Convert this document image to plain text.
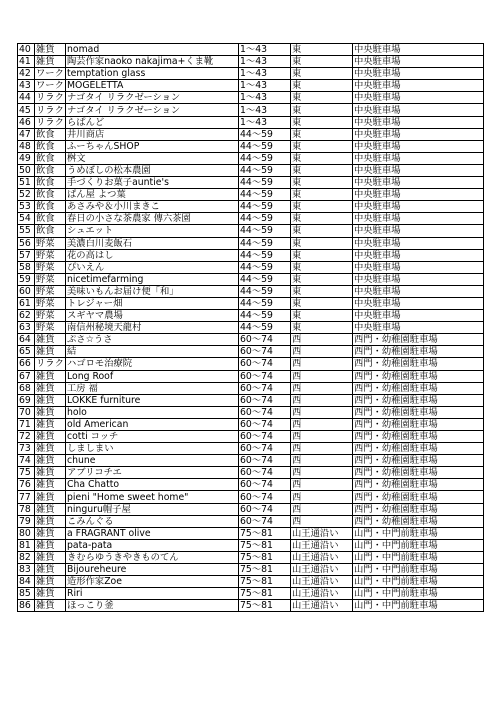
40	雑貨	nomad	1～43	東	中央駐車場
41	雑貨	陶芸作家naoko nakajima+くま靴	1～43	東	中央駐車場
42	ワーク	temptation glass	1～43	東	中央駐車場
43	ワーク	MOGELETTA	1～43	東	中央駐車場
44	リラク	ナゴタイ リラクゼーション	1～43	東	中央駐車場
45	リラク	ナゴタイ リラクゼーション	1～43	東	中央駐車場
46	リラク	らぱんど	1～43	東	中央駐車場
47	飲食	井川商店	44～59	東	中央駐車場
48	飲食	ふーちゃんSHOP	44～59	東	中央駐車場
49	飲食	桝文	44～59	東	中央駐車場
50	飲食	うめぼしの松本農園	44～59	東	中央駐車場
51	飲食	手づくりお菓子auntie's	44～59	東	中央駐車場
52	飲食	ぱん屋 よつ葉	44～59	東	中央駐車場
53	飲食	あさみや＆小川まきこ	44～59	東	中央駐車場
54	飲食	春日の小さな茶農家 傳六茶園	44～59	東	中央駐車場
55	飲食	シュエット	44～59	東	中央駐車場
56	野菜	美濃白川麦飯石	44～59	東	中央駐車場
57	野菜	花の高はし	44～59	東	中央駐車場
58	野菜	ぴいえん	44～59	東	中央駐車場
59	野菜	nicetimefarming	44～59	東	中央駐車場
60	野菜	美味いもんお届け便「和」	44～59	東	中央駐車場
61	野菜	トレジャー畑	44～59	東	中央駐車場
62	野菜	スギヤマ農場	44～59	東	中央駐車場
63	野菜	南信州秘境天龍村	44～59	東	中央駐車場
64	雑貨	ぷさ☆うさ	60～74	西	西門・幼稚園駐車場
65	雑貨	結	60～74	西	西門・幼稚園駐車場
66	リラク	ハゴロモ治療院	60～74	西	西門・幼稚園駐車場
67	雑貨	Long Roof	60～74	西	西門・幼稚園駐車場
68	雑貨	工房 福	60～74	西	西門・幼稚園駐車場
69	雑貨	LOKKE furniture	60～74	西	西門・幼稚園駐車場
70	雑貨	holo	60～74	西	西門・幼稚園駐車場
71	雑貨	old American	60～74	西	西門・幼稚園駐車場
72	雑貨	cotti コッチ	60～74	西	西門・幼稚園駐車場
73	雑貨	しましまい	60～74	西	西門・幼稚園駐車場
74	雑貨	chune	60～74	西	西門・幼稚園駐車場
75	雑貨	アブリコチエ	60～74	西	西門・幼稚園駐車場
76	雑貨	Cha Chatto	60～74	西	西門・幼稚園駐車場
77	雑貨	pieni "Home sweet home"	60～74	西	西門・幼稚園駐車場
78	雑貨	ninguru帽子屋	60～74	西	西門・幼稚園駐車場
79	雑貨	こみんぐる	60～74	西	西門・幼稚園駐車場
80	雑貨	a FRAGRANT olive	75～81	山王通沿い	山門・中門前駐車場
81	雑貨	pata-pata	75～81	山王通沿い	山門・中門前駐車場
82	雑貨	きむらゆうきやきものてん	75～81	山王通沿い	山門・中門前駐車場
83	雑貨	Bijoureheure	75～81	山王通沿い	山門・中門前駐車場
84	雑貨	造形作家Zoe	75～81	山王通沿い	山門・中門前駐車場
85	雑貨	Riri	75～81	山王通沿い	山門・中門前駐車場
86	雑貨	ほっこり釜	75～81	山王通沿い	山門・中門前駐車場
